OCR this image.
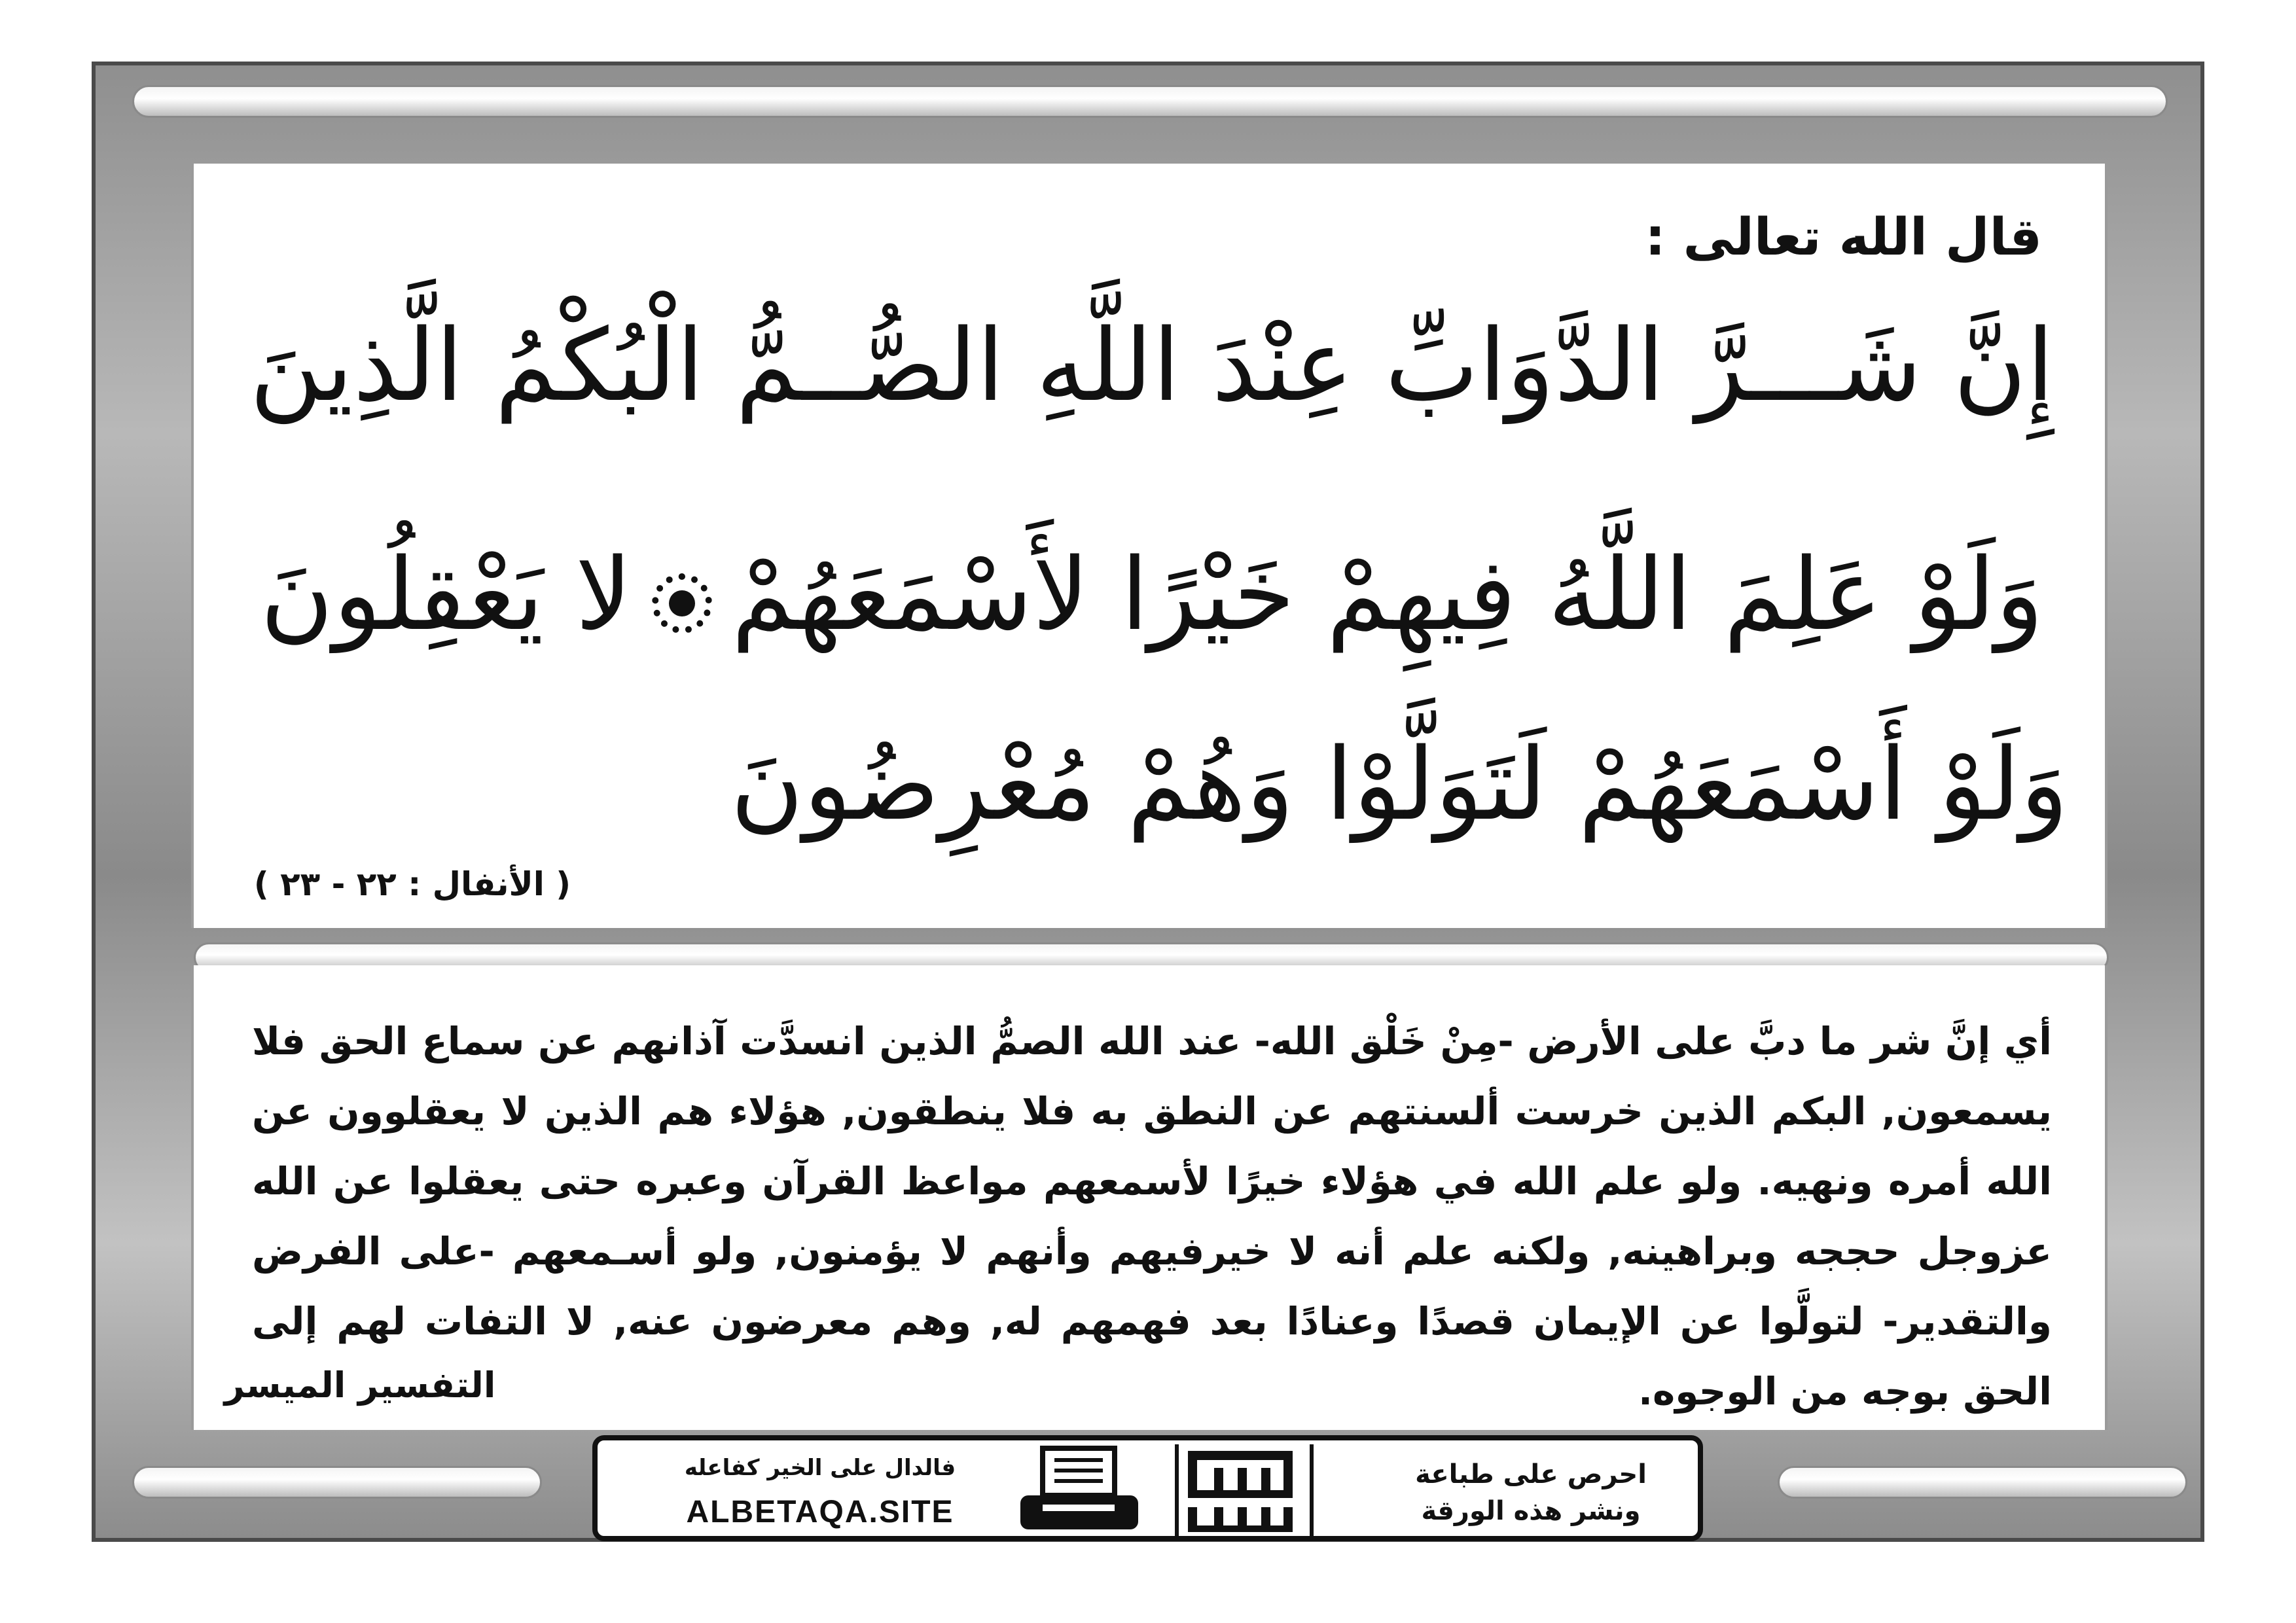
قال الله تعالى :
إِنَّ شَـــرَّ الدَّوَابِّ عِنْدَ اللَّهِ الصُّــمُّ الْبُكْمُ الَّذِينَ
وَلَوْ عَلِمَ اللَّهُ فِيهِمْ خَيْرًا لأَسْمَعَهُمْلا يَعْقِلُونَ
وَلَوْ أَسْمَعَهُمْ لَتَوَلَّوْا وَهُمْ مُعْرِضُونَ
( الأنفال : ٢٢ - ٢٣ )
أي إنَّ شر ما دبَّ على الأرض -مِنْ خَلْق الله- عند الله الصمُّ الذين انسدَّت آذانهم عن سماع الحق فلا يسمعون, البكم الذين خرست ألسنتهم عن النطق به فلا ينطقون, هؤلاء هم الذين لا يعقلوون عن الله أمره ونهيه. ولو علم الله في هؤلاء خيرًا لأسمعهم مواعظ القرآن وعبره حتى يعقلوا عن الله عزوجل حججه وبراهينه, ولكنه علم أنه لا خيرفيهم وأنهم لا يؤمنون, ولو أسـمعهم -على الفرض والتقدير- لتولَّوا عن الإيمان قصدًا وعنادًا بعد فهمهم له, وهم معرضون عنه, لا التفات لهم إلى الحق بوجه من الوجوه.
التفسير الميسر
فالدال على الخير كفاعله
ALBETAQA.SITE
احرص على طباعة
ونشر هذه الورقة
